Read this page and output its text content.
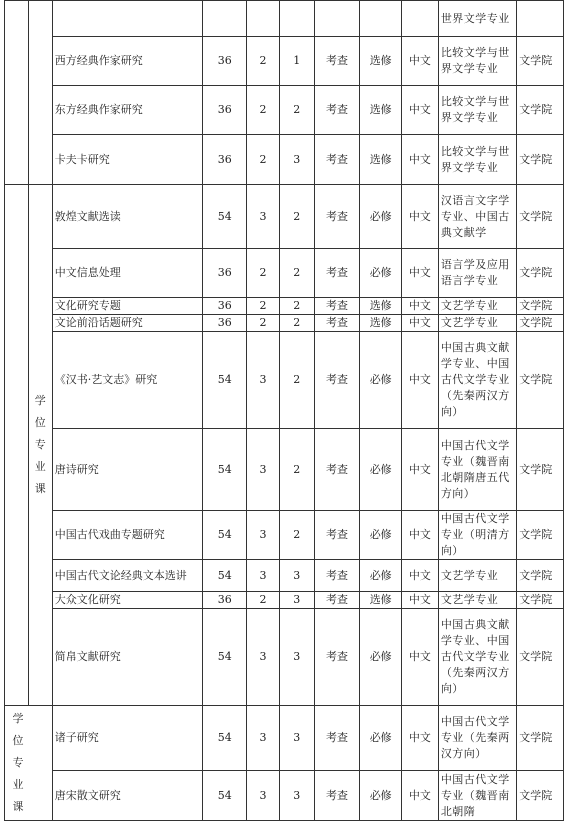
									世界文学专业	
		西方经典作家研究	36	2	1	考查	选修	中文	比较文学与世界文学专业	文学院
		东方经典作家研究	36	2	2	考查	选修	中文	比较文学与世界文学专业	文学院
		卡夫卡研究	36	2	3	考查	选修	中文	比较文学与世界文学专业	文学院
	学位专业课	敦煌文献选读	54	3	2	考查	必修	中文	汉语言文字学专业、中国古典文献学	文学院
		中文信息处理	36	2	2	考查	必修	中文	语言学及应用语言学专业	文学院
		文化研究专题	36	2	2	考查	选修	中文	文艺学专业	文学院
		文论前沿话题研究	36	2	2	考查	选修	中文	文艺学专业	文学院
		《汉书·艺文志》研究	54	3	2	考查	必修	中文	中国古典文献学专业、中国古代文学专业（先秦两汉方向）	文学院
		唐诗研究	54	3	2	考查	必修	中文	中国古代文学专业（魏晋南北朝隋唐五代方向）	文学院
		中国古代戏曲专题研究	54	3	2	考查	必修	中文	中国古代文学专业（明清方向）	文学院
		中国古代文论经典文本选讲	54	3	3	考查	必修	中文	文艺学专业	文学院
		大众文化研究	36	2	3	考查	选修	中文	文艺学专业	文学院
		简帛文献研究	54	3	3	考查	必修	中文	中国古典文献学专业、中国古代文学专业（先秦两汉方向）	文学院
学位专业课		诸子研究	54	3	3	考查	必修	中文	中国古代文学专业（先秦两汉方向）	文学院
		唐宋散文研究	54	3	3	考查	必修	中文	中国古代文学专业（魏晋南北朝隋	文学院
